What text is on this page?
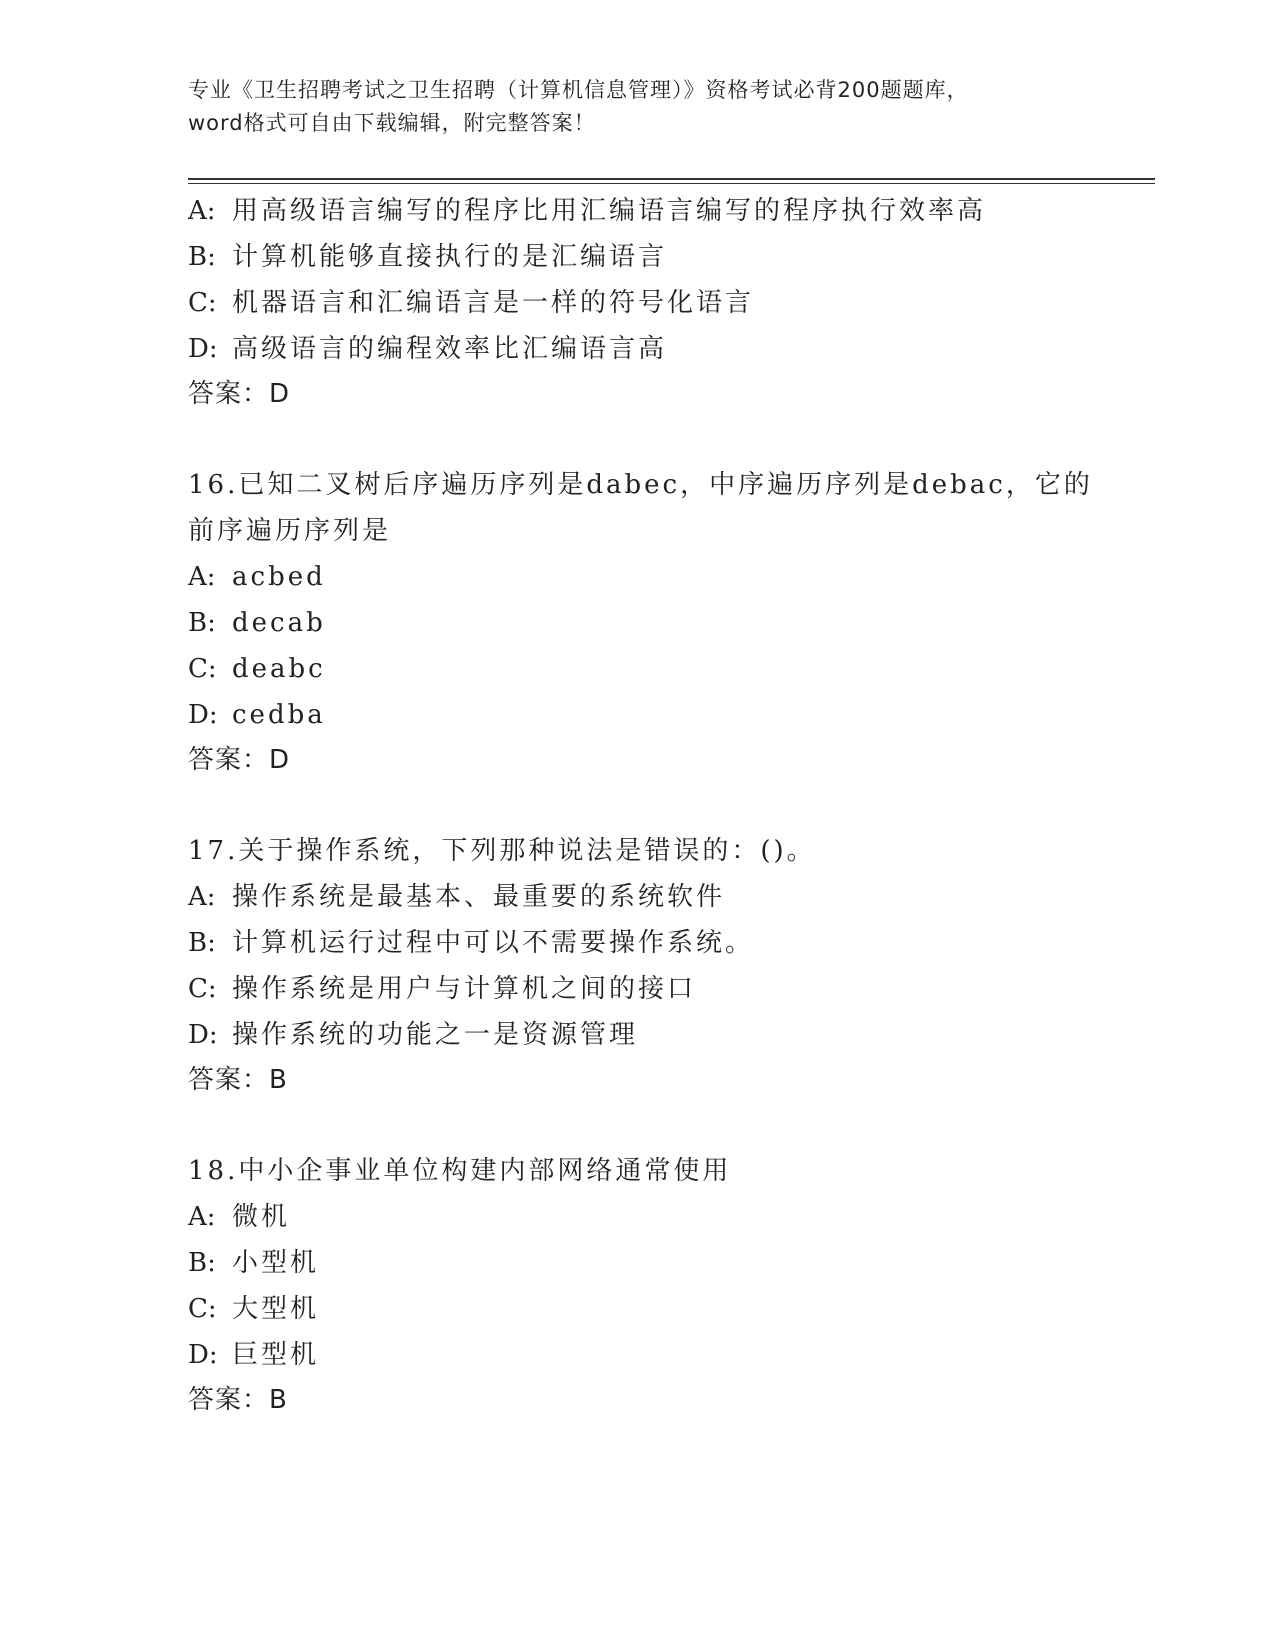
专业《卫生招聘考试之卫生招聘（计算机信息管理）》资格考试必背200题题库，
word格式可自由下载编辑，附完整答案！
A: 用高级语言编写的程序比用汇编语言编写的程序执行效率高
B: 计算机能够直接执行的是汇编语言
C: 机器语言和汇编语言是一样的符号化语言
D: 高级语言的编程效率比汇编语言高
答案：D
16.已知二叉树后序遍历序列是dabec，中序遍历序列是debac，它的
前序遍历序列是
A: acbed
B: decab
C: deabc
D: cedba
答案：D
17.关于操作系统，下列那种说法是错误的：()。
A: 操作系统是最基本、最重要的系统软件
B: 计算机运行过程中可以不需要操作系统。
C: 操作系统是用户与计算机之间的接口
D: 操作系统的功能之一是资源管理
答案：B
18.中小企事业单位构建内部网络通常使用
A: 微机
B: 小型机
C: 大型机
D: 巨型机
答案：B
